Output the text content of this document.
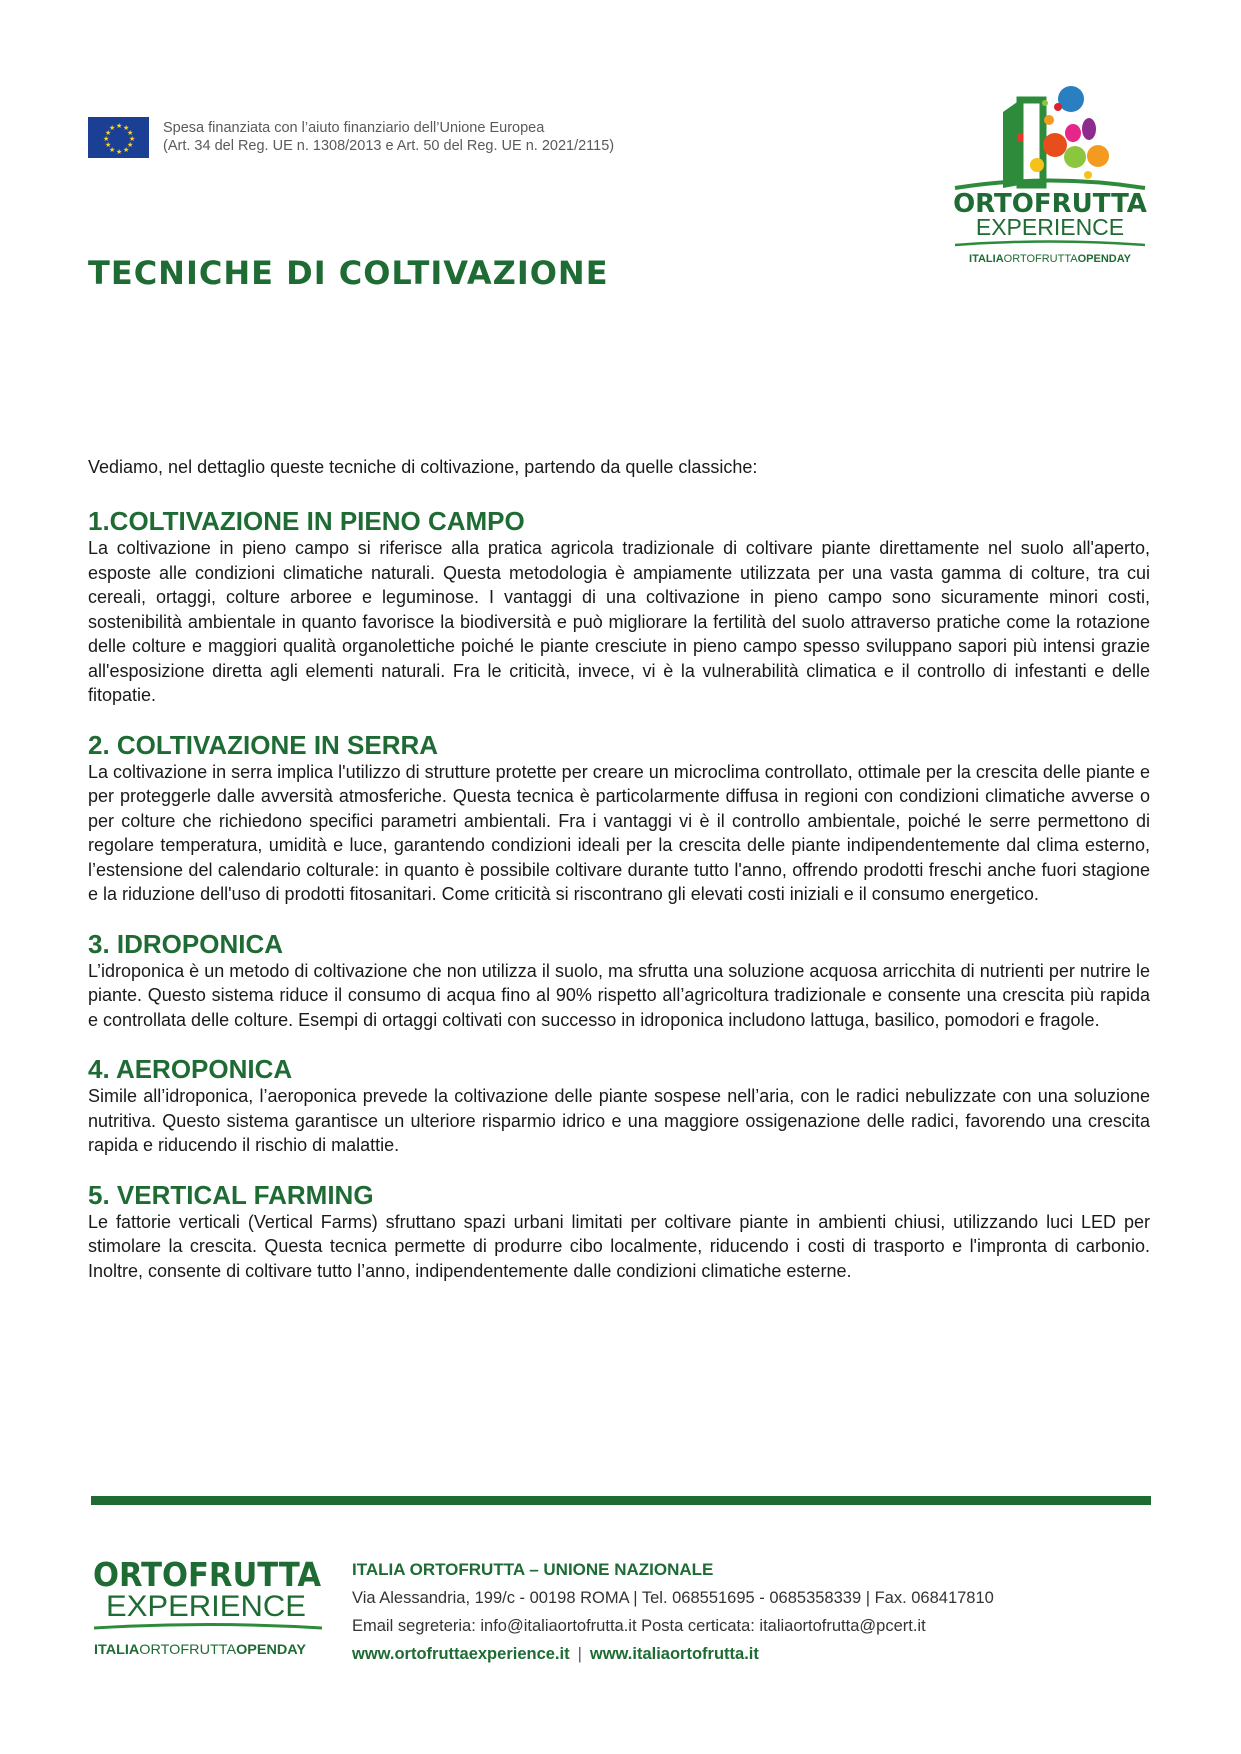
★ ★
★
★
★
★
★
★
★
★
★
★	Spesa finanziata con l’aiuto finanziario dell’Unione Europea
(Art. 34 del Reg. UE n. 1308/2013 e Art. 50 del Reg. UE n. 2021/2115)
ORTOFRUTTA
EXPERIENCE
ITALIAORTOFRUTTAOPENDAY
TECNICHE DI COLTIVAZIONE

Vediamo, nel dettaglio queste tecniche di coltivazione, partendo da quelle classiche:

1.COLTIVAZIONE IN PIENO CAMPO

La coltivazione in pieno campo si riferisce alla pratica agricola tradizionale di coltivare piante direttamente nel suolo all'aperto, esposte alle condizioni climatiche naturali. Questa metodologia è ampiamente utilizzata per una vasta gamma di colture, tra cui cereali, ortaggi, colture arboree e leguminose. I vantaggi di una coltivazione in pieno campo sono sicuramente minori costi, sostenibilità ambientale in quanto favorisce la biodiversità e può migliorare la fertilità del suolo attraverso pratiche come la rotazione delle colture e maggiori qualità organolettiche poiché le piante cresciute in pieno campo spesso sviluppano sapori più intensi grazie all'esposizione diretta agli elementi naturali. Fra le criticità, invece, vi è la vulnerabilità climatica e il controllo di infestanti e delle fitopatie.

2. COLTIVAZIONE IN SERRA

La coltivazione in serra implica l'utilizzo di strutture protette per creare un microclima controllato, ottimale per la crescita delle piante e per proteggerle dalle avversità atmosferiche. Questa tecnica è particolarmente diffusa in regioni con condizioni climatiche avverse o per colture che richiedono specifici parametri ambientali. Fra i vantaggi vi è il controllo ambientale, poiché le serre permettono di regolare temperatura, umidità e luce, garantendo condizioni ideali per la crescita delle piante indipendentemente dal clima esterno, l’estensione del calendario colturale: in quanto è possibile coltivare durante tutto l'anno, offrendo prodotti freschi anche fuori stagione e la riduzione dell'uso di prodotti fitosanitari. Come criticità si riscontrano gli elevati costi iniziali e il consumo energetico.

3. IDROPONICA

L’idroponica è un metodo di coltivazione che non utilizza il suolo, ma sfrutta una soluzione acquosa arricchita di nutrienti per nutrire le piante. Questo sistema riduce il consumo di acqua fino al 90% rispetto all’agricoltura tradizionale e consente una crescita più rapida e controllata delle colture. Esempi di ortaggi coltivati con successo in idroponica includono lattuga, basilico, pomodori e fragole.

4. AEROPONICA

Simile all’idroponica, l’aeroponica prevede la coltivazione delle piante sospese nell’aria, con le radici nebulizzate con una soluzione nutritiva. Questo sistema garantisce un ulteriore risparmio idrico e una maggiore ossigenazione delle radici, favorendo una crescita rapida e riducendo il rischio di malattie.

5. VERTICAL FARMING

Le fattorie verticali (Vertical Farms) sfruttano spazi urbani limitati per coltivare piante in ambienti chiusi, utilizzando luci LED per stimolare la crescita. Questa tecnica permette di produrre cibo localmente, riducendo i costi di trasporto e l'impronta di carbonio. Inoltre, consente di coltivare tutto l’anno, indipendentemente dalle condizioni climatiche esterne.

ORTOFRUTTA
EXPERIENCE
ITALIAORTOFRUTTA OPENDAY
ITALIA ORTOFRUTTA – UNIONE NAZIONALE
Via Alessandria, 199/c - 00198 ROMA | Tel. 068551695 - 0685358339 | Fax. 068417810
Email segreteria: info@italiaortofrutta.it Posta certicata: italiaortofrutta@pcert.it
www.ortofruttaexperience.it | www.italiaortofrutta.it
